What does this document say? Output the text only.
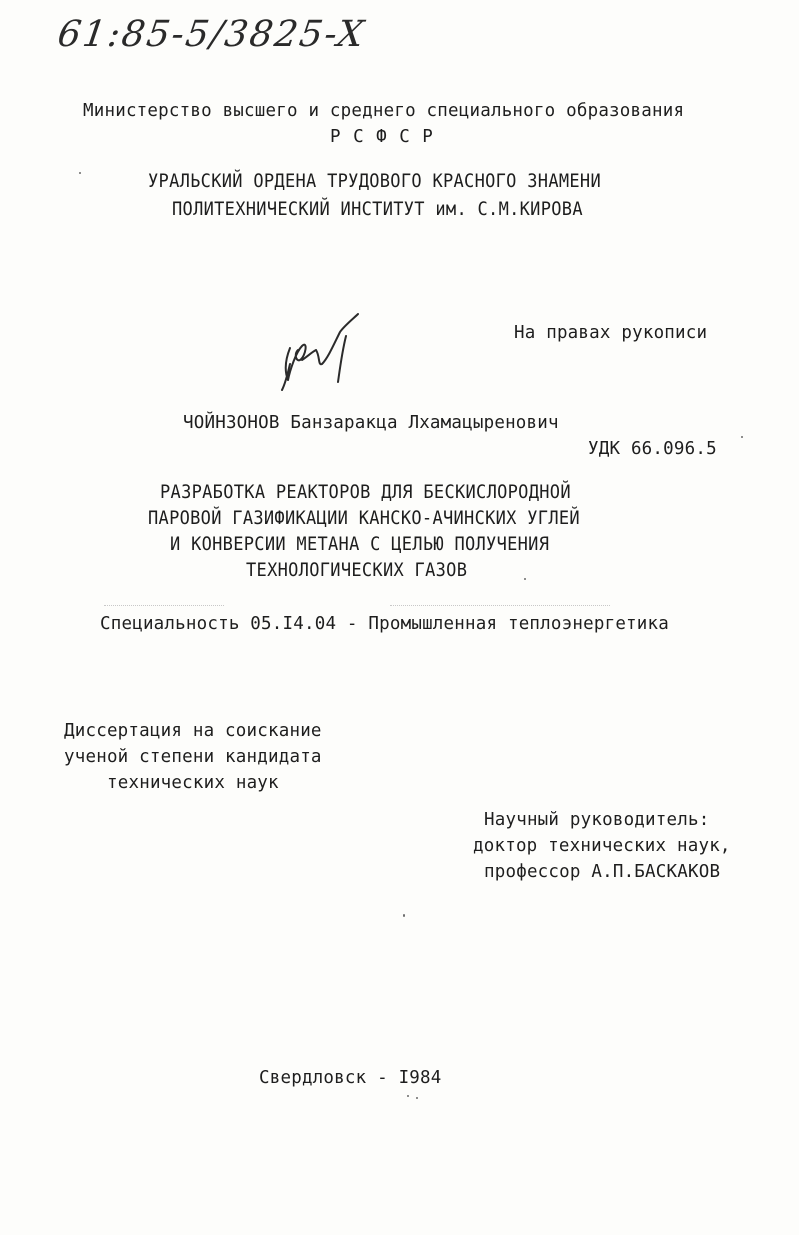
61:85-5/3825-X
Министерство высшего и среднего специального образования
Р С Ф С Р
УРАЛЬСКИЙ ОРДЕНА ТРУДОВОГО КРАСНОГО ЗНАМЕНИ
ПОЛИТЕХНИЧЕСКИЙ ИНСТИТУТ им. С.М.КИРОВА
На правах рукописи
ЧОЙНЗОНОВ Банзаракца Лхамацыренович
УДК 66.096.5
РАЗРАБОТКА РЕАКТОРОВ ДЛЯ БЕСКИСЛОРОДНОЙ
ПАРОВОЙ ГАЗИФИКАЦИИ КАНСКО-АЧИНСКИХ УГЛЕЙ
И КОНВЕРСИИ МЕТАНА С ЦЕЛЬЮ ПОЛУЧЕНИЯ
ТЕХНОЛОГИЧЕСКИХ ГАЗОВ
Специальность 05.I4.04 - Промышленная теплоэнергетика
Диссертация на соискание
ученой степени кандидата
технических наук
Научный руководитель:
доктор технических наук,
профессор А.П.БАСКАКОВ
Свердловск - I984
